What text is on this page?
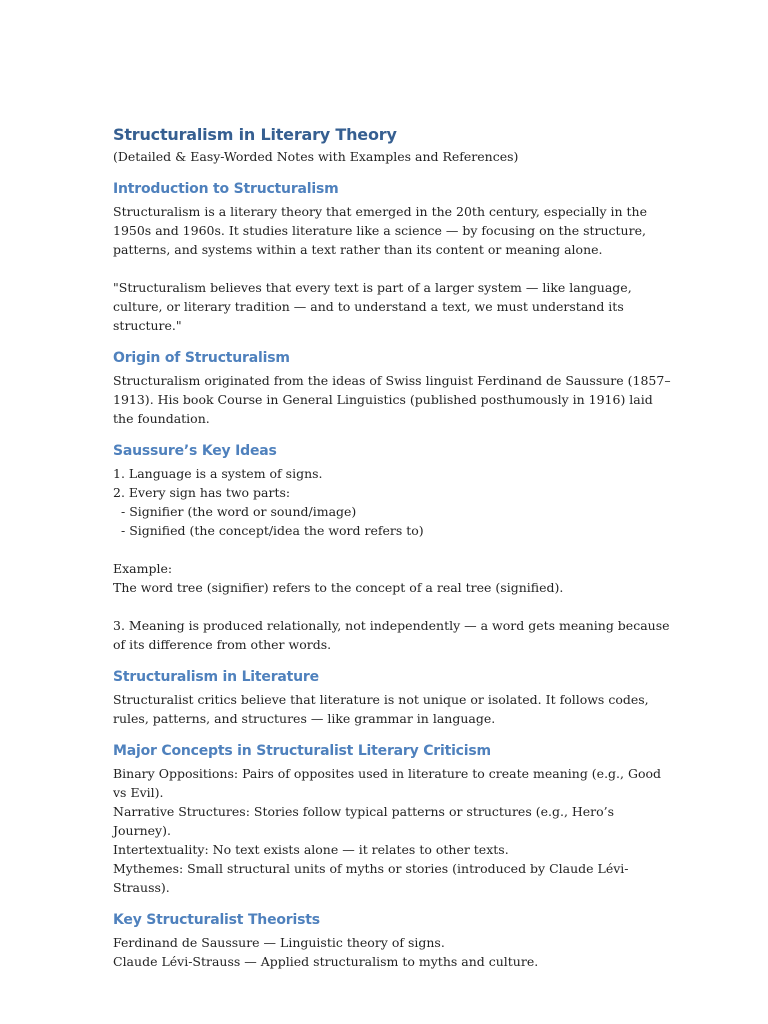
Structuralism in Literary Theory

(Detailed & Easy-Worded Notes with Examples and References)

Introduction to Structuralism

Structuralism is a literary theory that emerged in the 20th century, especially in the 1950s and 1960s. It studies literature like a science — by focusing on the structure, patterns, and systems within a text rather than its content or meaning alone.

"Structuralism believes that every text is part of a larger system — like language, culture, or literary tradition — and to understand a text, we must understand its structure."

Origin of Structuralism

Structuralism originated from the ideas of Swiss linguist Ferdinand de Saussure (1857–1913). His book Course in General Linguistics (published posthumously in 1916) laid the foundation.

Saussure’s Key Ideas

1. Language is a system of signs.

2. Every sign has two parts:

- Signifier (the word or sound/image)

- Signified (the concept/idea the word refers to)

Example:

The word tree (signifier) refers to the concept of a real tree (signified).

3. Meaning is produced relationally, not independently — a word gets meaning because of its difference from other words.

Structuralism in Literature

Structuralist critics believe that literature is not unique or isolated. It follows codes, rules, patterns, and structures — like grammar in language.

Major Concepts in Structuralist Literary Criticism

Binary Oppositions: Pairs of opposites used in literature to create meaning (e.g., Good vs Evil).

Narrative Structures: Stories follow typical patterns or structures (e.g., Hero’s Journey).

Intertextuality: No text exists alone — it relates to other texts.

Mythemes: Small structural units of myths or stories (introduced by Claude Lévi-Strauss).

Key Structuralist Theorists

Ferdinand de Saussure — Linguistic theory of signs.

Claude Lévi-Strauss — Applied structuralism to myths and culture.
